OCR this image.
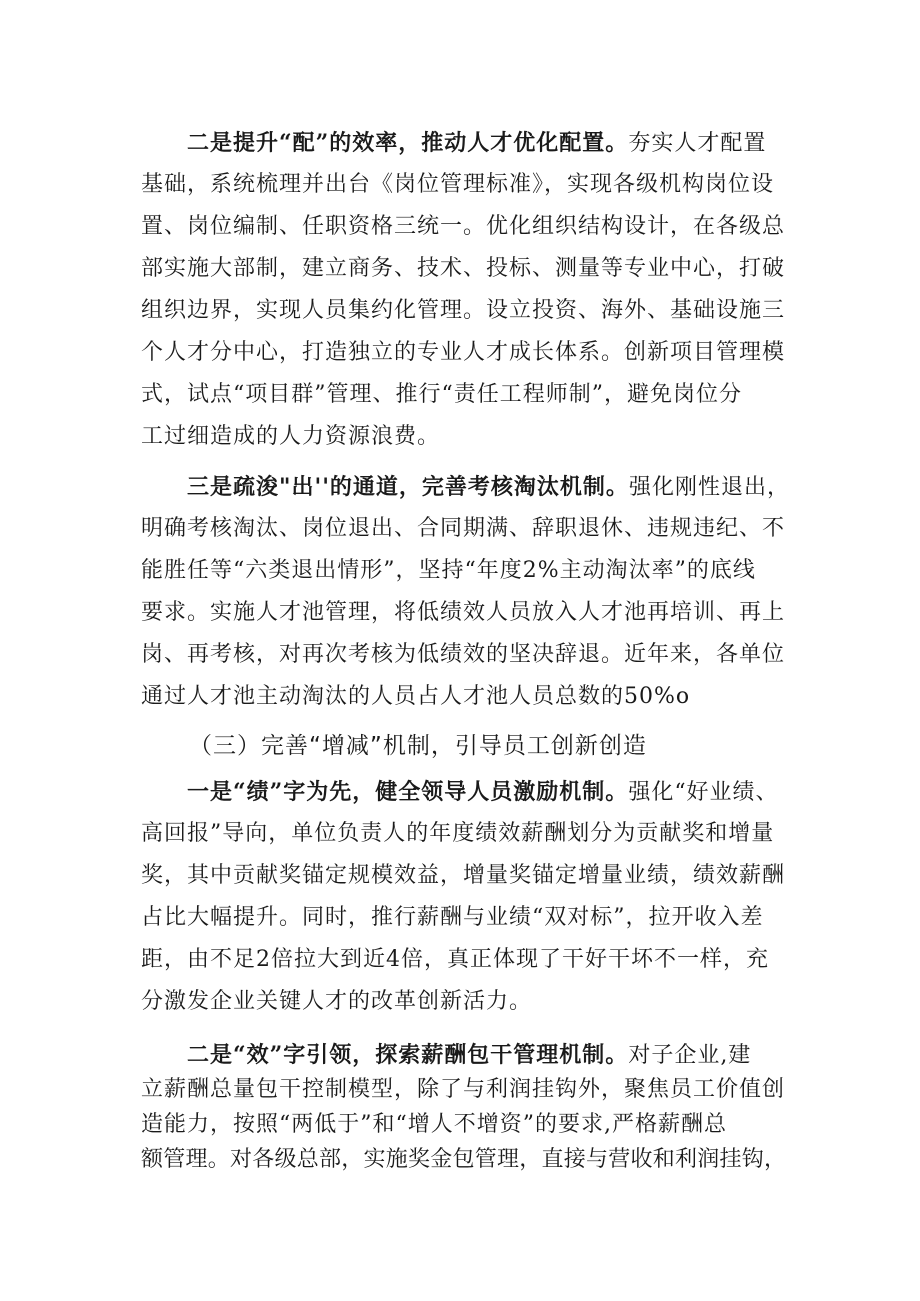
二是提升“配”的效率，推动人才优化配置。夯实人才配置
基础，系统梳理并出台《岗位管理标准》，实现各级机构岗位设
置、岗位编制、任职资格三统一。优化组织结构设计，在各级总
部实施大部制，建立商务、技术、投标、测量等专业中心，打破
组织边界，实现人员集约化管理。设立投资、海外、基础设施三
个人才分中心，打造独立的专业人才成长体系。创新项目管理模
式，试点“项目群”管理、推行“责任工程师制”，避免岗位分
工过细造成的人力资源浪费。
三是疏浚"出''的通道，完善考核淘汰机制。强化刚性退出，
明确考核淘汰、岗位退出、合同期满、辞职退休、违规违纪、不
能胜任等“六类退出情形”，坚持“年度2%主动淘汰率”的底线
要求。实施人才池管理，将低绩效人员放入人才池再培训、再上
岗、再考核，对再次考核为低绩效的坚决辞退。近年来，各单位
通过人才池主动淘汰的人员占人才池人员总数的50%o
（三）完善“增减”机制，引导员工创新创造
一是“绩”字为先，健全领导人员激励机制。强化“好业绩、
高回报”导向，单位负责人的年度绩效薪酬划分为贡献奖和增量
奖，其中贡献奖锚定规模效益，增量奖锚定增量业绩，绩效薪酬
占比大幅提升。同时，推行薪酬与业绩“双对标”，拉开收入差
距，由不足2倍拉大到近4倍，真正体现了干好干坏不一样，充
分激发企业关键人才的改革创新活力。
二是“效”字引领，探索薪酬包干管理机制。对子企业,建
立薪酬总量包干控制模型，除了与利润挂钩外，聚焦员工价值创
造能力，按照“两低于”和“增人不增资”的要求,严格薪酬总
额管理。对各级总部，实施奖金包管理，直接与营收和利润挂钩，
